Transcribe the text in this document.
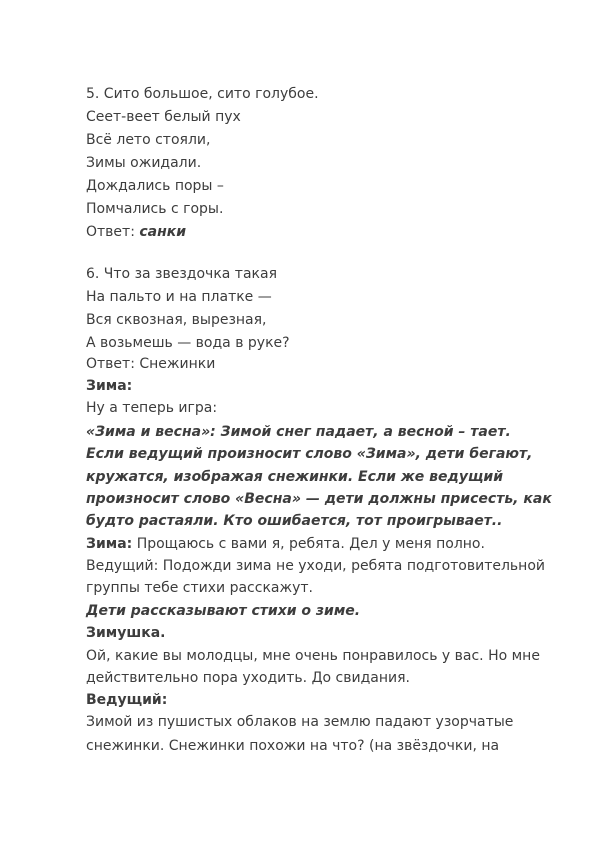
5. Сито большое, сито голубое.
Сеет-веет белый пух
Всё лето стояли,
Зимы ожидали.
Дождались поры –
Помчались с горы.
Ответ: санки
6. Что за звездочка такая
На пальто и на платке —
Вся сквозная, вырезная,
А возьмешь — вода в руке?
Ответ: Снежинки
Зима:
Ну а теперь игра:
«Зима и весна»: Зимой снег падает, а весной – тает.
Если ведущий произносит слово «Зима», дети бегают,
кружатся, изображая снежинки. Если же ведущий
произносит слово «Весна» — дети должны присесть, как
будто растаяли. Кто ошибается, тот проигрывает..
Зима: Прощаюсь с вами я, ребята. Дел у меня полно.
Ведущий: Подожди зима не уходи, ребята подготовительной
группы тебе стихи расскажут.
Дети рассказывают стихи о зиме.
Зимушка.
Ой, какие вы молодцы, мне очень понравилось у вас. Но мне
действительно пора уходить. До свидания.
Ведущий:
Зимой из пушистых облаков на землю падают узорчатые
снежинки. Снежинки похожи на что? (на звёздочки, на
